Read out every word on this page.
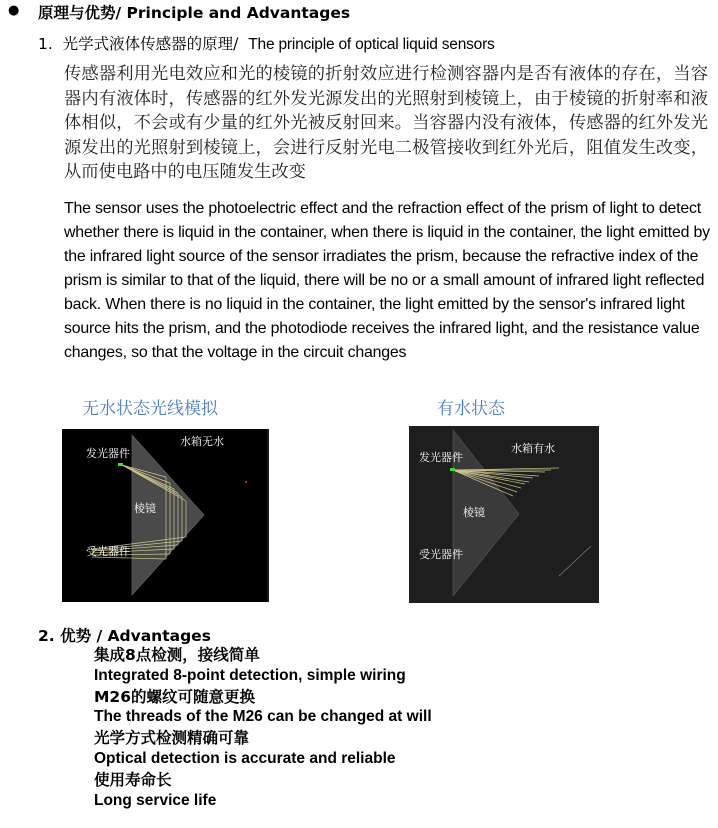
● 原理与优势/ Principle and Advantages
1. 光学式液体传感器的原理/ The principle of optical liquid sensors
传感器利用光电效应和光的棱镜的折射效应进行检测容器内是否有液体的存在，当容器内有液体时，传感器的红外发光源发出的光照射到棱镜上，由于棱镜的折射率和液体相似，不会或有少量的红外光被反射回来。当容器内没有液体，传感器的红外发光源发出的光照射到棱镜上，会进行反射光电二极管接收到红外光后，阻值发生改变，从而使电路中的电压随发生改变
The sensor uses the photoelectric effect and the refraction effect of the prism of light to detect whether there is liquid in the container, when there is liquid in the container, the light emitted by the infrared light source of the sensor irradiates the prism, because the refractive index of the prism is similar to that of the liquid, there will be no or a small amount of infrared light reflected back. When there is no liquid in the container, the light emitted by the sensor's infrared light source hits the prism, and the photodiode receives the infrared light, and the resistance value changes, so that the voltage in the circuit changes
无水状态光线模拟	有水状态
水箱无水
发光器件
棱镜
受光器件
水箱有水
发光器件
棱镜
受光器件
2. 优势 / Advantages
集成8点检测，接线简单
Integrated 8-point detection, simple wiring
M26的螺纹可随意更换
The threads of the M26 can be changed at will
光学方式检测精确可靠
Optical detection is accurate and reliable
使用寿命长
Long service life
